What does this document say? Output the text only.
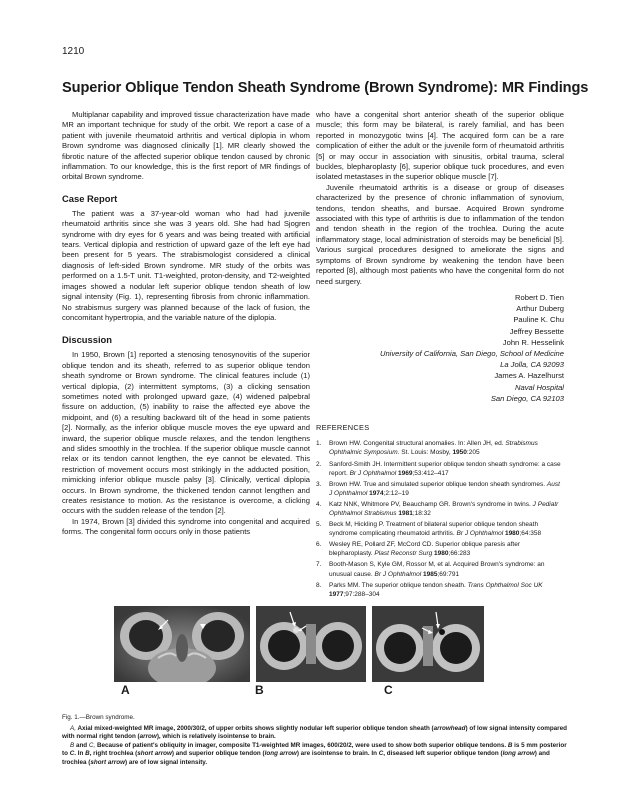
1210
Superior Oblique Tendon Sheath Syndrome (Brown Syndrome): MR Findings

Multiplanar capability and improved tissue characterization have made MR an important technique for study of the orbit. We report a case of a patient with juvenile rheumatoid arthritis and vertical diplopia in whom Brown syndrome was diagnosed clinically [1]. MR clearly showed the fibrotic nature of the affected superior oblique tendon caused by chronic inflammation. To our knowledge, this is the first report of MR findings of orbital Brown syndrome.

Case Report

The patient was a 37-year-old woman who had had juvenile rheumatoid arthritis since she was 3 years old. She had had Sjogren syndrome with dry eyes for 6 years and was being treated with artificial tears. Vertical diplopia and restriction of upward gaze of the left eye had been present for 5 years. The strabismologist considered a clinical diagnosis of left-sided Brown syndrome. MR study of the orbits was performed on a 1.5-T unit. T1-weighted, proton-density, and T2-weighted images showed a nodular left superior oblique tendon sheath of low signal intensity (Fig. 1), representing fibrosis from chronic inflammation. No strabismus surgery was planned because of the lack of fusion, the concomitant hypertropia, and the variable nature of the diplopia.

Discussion

In 1950, Brown [1] reported a stenosing tenosynovitis of the superior oblique tendon and its sheath, referred to as superior oblique tendon sheath syndrome or Brown syndrome. The clinical features include (1) vertical diplopia, (2) intermittent symptoms, (3) a clicking sensation sometimes noted with prolonged upward gaze, (4) widened palpebral fissure on adduction, (5) inability to raise the affected eye above the midpoint, and (6) a resulting backward tilt of the head in some patients [2]. Normally, as the inferior oblique muscle moves the eye upward and inward, the superior oblique muscle relaxes, and the tendon lengthens and slides smoothly in the trochlea. If the superior oblique muscle cannot relax or its tendon cannot lengthen, the eye cannot be elevated. This restriction of movement occurs most strikingly in the adducted position, mimicking inferior oblique muscle palsy [3]. Clinically, vertical diplopia occurs. In Brown syndrome, the thickened tendon cannot lengthen and creates resistance to motion. As the resistance is overcome, a clicking occurs with the sudden release of the tendon [2].

In 1974, Brown [3] divided this syndrome into congenital and acquired forms. The congenital form occurs only in those patients

who have a congenital short anterior sheath of the superior oblique muscle; this form may be bilateral, is rarely familial, and has been reported in monozygotic twins [4]. The acquired form can be a rare complication of either the adult or the juvenile form of rheumatoid arthritis [5] or may occur in association with sinusitis, orbital trauma, scleral buckles, blepharoplasty [6], superior oblique tuck procedures, and even isolated metastases in the superior oblique muscle [7].

Juvenile rheumatoid arthritis is a disease or group of diseases characterized by the presence of chronic inflammation of synovium, tendons, tendon sheaths, and bursae. Acquired Brown syndrome associated with this type of arthritis is due to inflammation of the tendon and tendon sheath in the region of the trochlea. During the acute inflammatory stage, local administration of steroids may be beneficial [5]. Various surgical procedures designed to ameliorate the signs and symptoms of Brown syndrome by weakening the tendon have been reported [8], although most patients who have the congenital form do not need surgery.

Robert D. Tien
Arthur Duberg
Pauline K. Chu
Jeffrey Bessette
John R. Hesselink
University of California, San Diego, School of Medicine
La Jolla, CA 92093
James A. Hazelhurst
Naval Hospital
San Diego, CA 92103
REFERENCES
1. Brown HW. Congenital structural anomalies. In: Allen JH, ed. Strabismus Ophthalmic Symposium. St. Louis: Mosby, 1950:205
2. Sanford-Smith JH. Intermittent superior oblique tendon sheath syndrome: a case report. Br J Ophthalmol 1969;53:412–417
3. Brown HW. True and simulated superior oblique tendon sheath syndromes. Aust J Ophthalmol 1974;2:12–19
4. Katz NNK, Whitmore PV, Beauchamp GR. Brown's syndrome in twins. J Pediatr Ophthalmol Strabismus 1981;18:32
5. Beck M, Hickling P. Treatment of bilateral superior oblique tendon sheath syndrome complicating rheumatoid arthritis. Br J Ophthalmol 1980;64:358
6. Wesley RE, Pollard ZF, McCord CD. Superior oblique paresis after blepharoplasty. Plast Reconstr Surg 1980;66:283
7. Booth-Mason S, Kyle GM, Rossor M, et al. Acquired Brown's syndrome: an unusual cause. Br J Ophthalmol 1985;69:791
8. Parks MM. The superior oblique tendon sheath. Trans Ophthalmol Soc UK 1977;97:288–304
A	B	C

Fig. 1.—Brown syndrome.

A, Axial mixed-weighted MR image, 2000/30/2, of upper orbits shows slightly nodular left superior oblique tendon sheath (arrowhead) of low signal intensity compared with normal right tendon (arrow), which is relatively isointense to brain.

B and C, Because of patient's obliquity in imager, composite T1-weighted MR images, 600/20/2, were used to show both superior oblique tendons. B is 5 mm posterior to C. In B, right trochlea (short arrow) and superior oblique tendon (long arrow) are isointense to brain. In C, diseased left superior oblique tendon (long arrow) and trochlea (short arrow) are of low signal intensity.
